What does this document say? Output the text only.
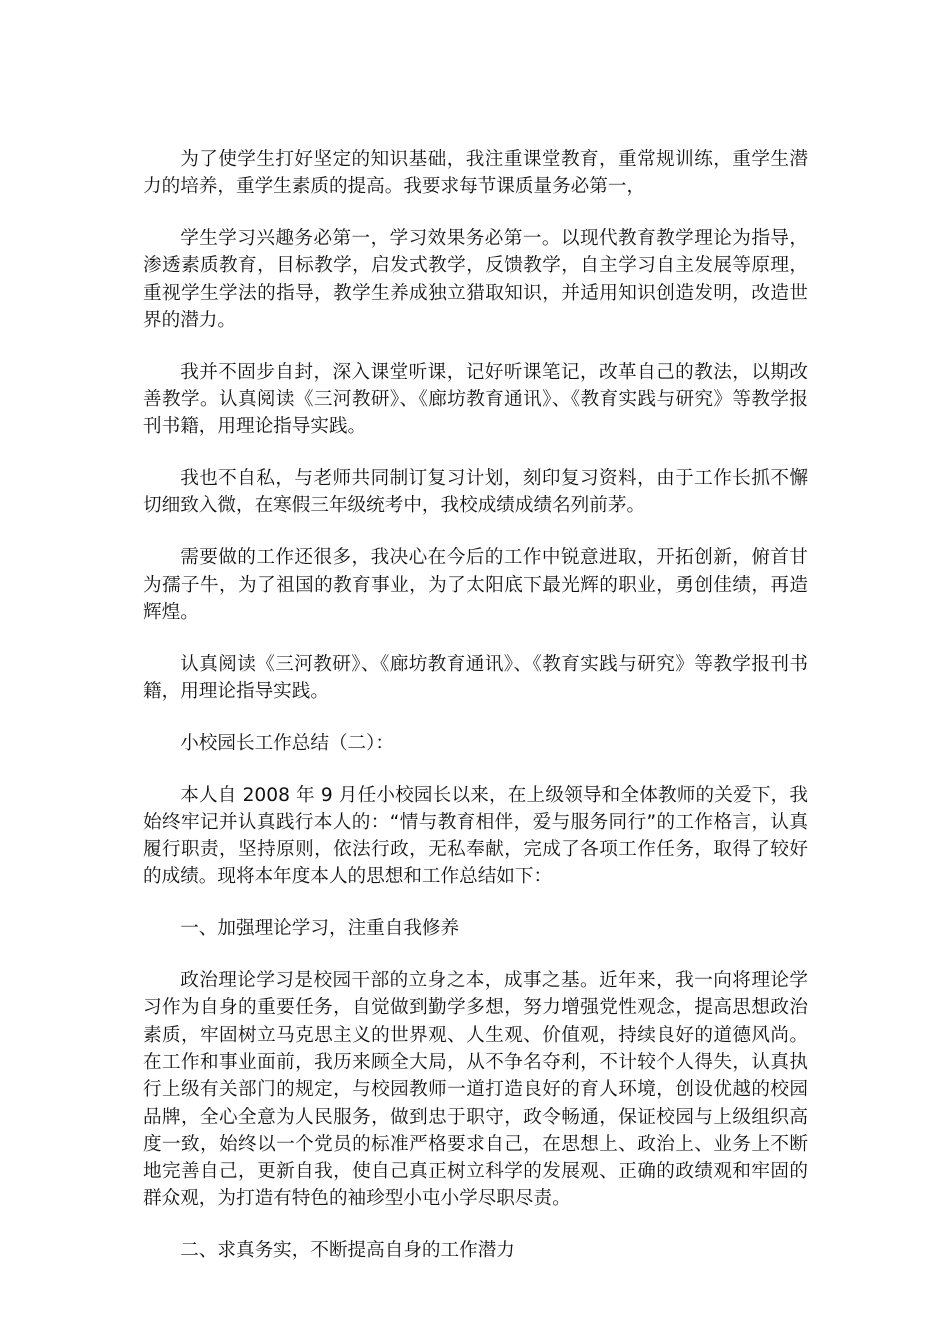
为了使学生打好坚定的知识基础，我注重课堂教育，重常规训练，重学生潜力的培养，重学生素质的提高。我要求每节课质量务必第一，

学生学习兴趣务必第一，学习效果务必第一。以现代教育教学理论为指导，渗透素质教育，目标教学，启发式教学，反馈教学，自主学习自主发展等原理，重视学生学法的指导，教学生养成独立猎取知识，并适用知识创造发明，改造世界的潜力。

我并不固步自封，深入课堂听课，记好听课笔记，改革自己的教法，以期改善教学。认真阅读《三河教研》、《廊坊教育通讯》、《教育实践与研究》等教学报刊书籍，用理论指导实践。

我也不自私，与老师共同制订复习计划，刻印复习资料，由于工作长抓不懈切细致入微，在寒假三年级统考中，我校成绩成绩名列前茅。

需要做的工作还很多，我决心在今后的工作中锐意进取，开拓创新，俯首甘为孺子牛，为了祖国的教育事业，为了太阳底下最光辉的职业，勇创佳绩，再造辉煌。

认真阅读《三河教研》、《廊坊教育通讯》、《教育实践与研究》等教学报刊书籍，用理论指导实践。

小校园长工作总结（二）：

本人自 2008 年 9 月任小校园长以来，在上级领导和全体教师的关爱下，我始终牢记并认真践行本人的：“情与教育相伴，爱与服务同行”的工作格言，认真履行职责，坚持原则，依法行政，无私奉献，完成了各项工作任务，取得了较好的成绩。现将本年度本人的思想和工作总结如下：

一、加强理论学习，注重自我修养

政治理论学习是校园干部的立身之本，成事之基。近年来，我一向将理论学习作为自身的重要任务，自觉做到勤学多想，努力增强党性观念，提高思想政治素质，牢固树立马克思主义的世界观、人生观、价值观，持续良好的道德风尚。在工作和事业面前，我历来顾全大局，从不争名夺利，不计较个人得失，认真执行上级有关部门的规定，与校园教师一道打造良好的育人环境，创设优越的校园品牌，全心全意为人民服务，做到忠于职守，政令畅通，保证校园与上级组织高度一致，始终以一个党员的标准严格要求自己，在思想上、政治上、业务上不断地完善自己，更新自我，使自己真正树立科学的发展观、正确的政绩观和牢固的群众观，为打造有特色的袖珍型小屯小学尽职尽责。

二、求真务实，不断提高自身的工作潜力
